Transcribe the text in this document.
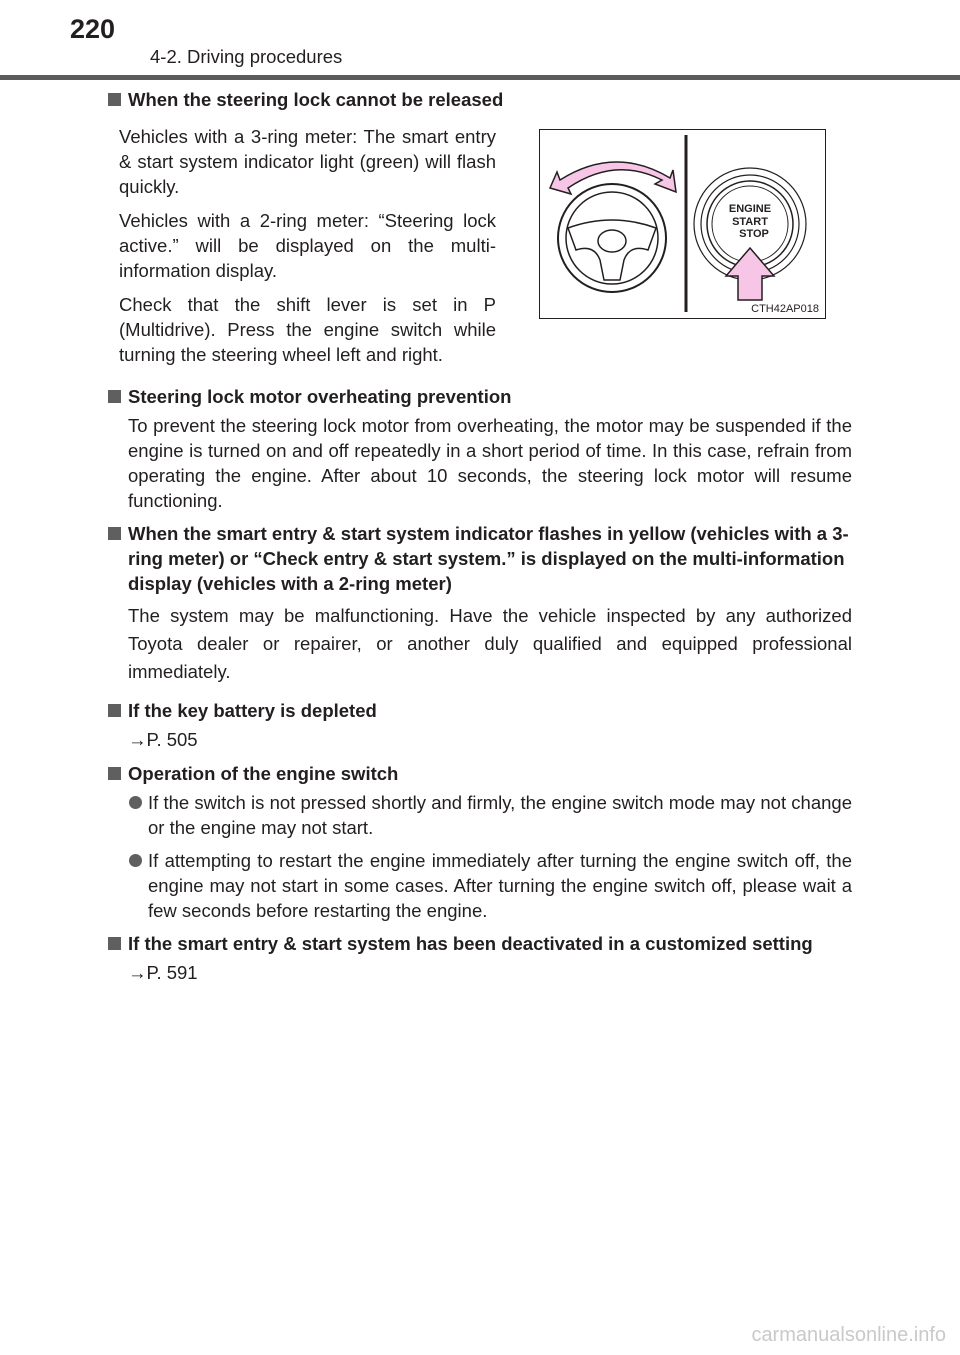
220
4-2. Driving procedures

When the steering lock cannot be released

Vehicles with a 3-ring meter: The smart entry & start system indicator light (green) will flash quickly.

Vehicles with a 2-ring meter: “Steering lock active.” will be displayed on the multi-information display.

Check that the shift lever is set in P (Multidrive). Press the engine switch while turning the steering wheel left and right.

ENGINE
START
STOP
CTH42AP018

Steering lock motor overheating prevention

To prevent the steering lock motor from overheating, the motor may be suspended if the engine is turned on and off repeatedly in a short period of time. In this case, refrain from operating the engine. After about 10 seconds, the steering lock motor will resume functioning.

When the smart entry & start system indicator flashes in yellow (vehicles with a 3-ring meter) or “Check entry & start system.” is displayed on the multi-information display (vehicles with a 2-ring meter)

The system may be malfunctioning. Have the vehicle inspected by any authorized Toyota dealer or repairer, or another duly qualified and equipped professional immediately.

If the key battery is depleted

→P. 505

Operation of the engine switch

If the switch is not pressed shortly and firmly, the engine switch mode may not change or the engine may not start.
If attempting to restart the engine immediately after turning the engine switch off, the engine may not start in some cases. After turning the engine switch off, please wait a few seconds before restarting the engine.

If the smart entry & start system has been deactivated in a customized setting

→P. 591
carmanualsonline.info
